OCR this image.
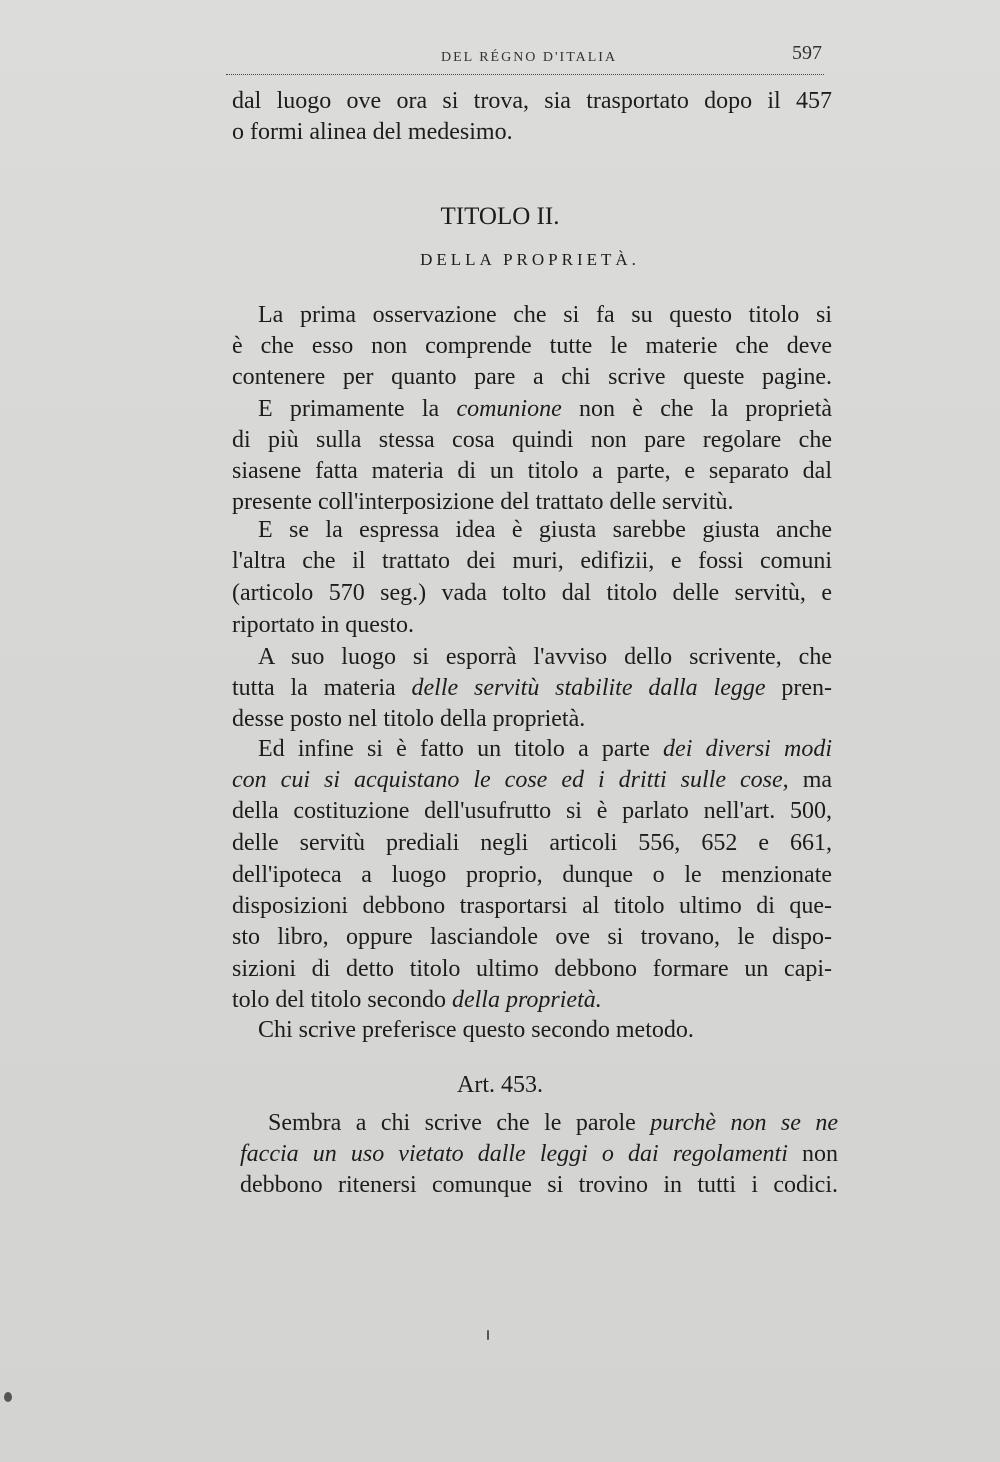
DEL RÉGNO D'ITALIA	597
dal luogo ove ora si trova, sia trasportato dopo il 457
o formi alinea del medesimo.
TITOLO II.
DELLA PROPRIETÀ.
La prima osservazione che si fa su questo titolo si
è che esso non comprende tutte le materie che deve
contenere per quanto pare a chi scrive queste pagine.
E primamente la comunione non è che la proprietà
di più sulla stessa cosa quindi non pare regolare che
siasene fatta materia di un titolo a parte, e separato dal
presente coll'interposizione del trattato delle servitù.
E se la espressa idea è giusta sarebbe giusta anche
l'altra che il trattato dei muri, edifizii, e fossi comuni
(articolo 570 seg.) vada tolto dal titolo delle servitù, e
riportato in questo.
A suo luogo si esporrà l'avviso dello scrivente, che
tutta la materia delle servitù stabilite dalla legge pren-
desse posto nel titolo della proprietà.
Ed infine si è fatto un titolo a parte dei diversi modi
con cui si acquistano le cose ed i dritti sulle cose, ma
della costituzione dell'usufrutto si è parlato nell'art. 500,
delle servitù prediali negli articoli 556, 652 e 661,
dell'ipoteca a luogo proprio, dunque o le menzionate
disposizioni debbono trasportarsi al titolo ultimo di que-
sto libro, oppure lasciandole ove si trovano, le dispo-
sizioni di detto titolo ultimo debbono formare un capi-
tolo del titolo secondo della proprietà.
Chi scrive preferisce questo secondo metodo.
Art. 453.
Sembra a chi scrive che le parole purchè non se ne
faccia un uso vietato dalle leggi o dai regolamenti non
debbono ritenersi comunque si trovino in tutti i codici.
